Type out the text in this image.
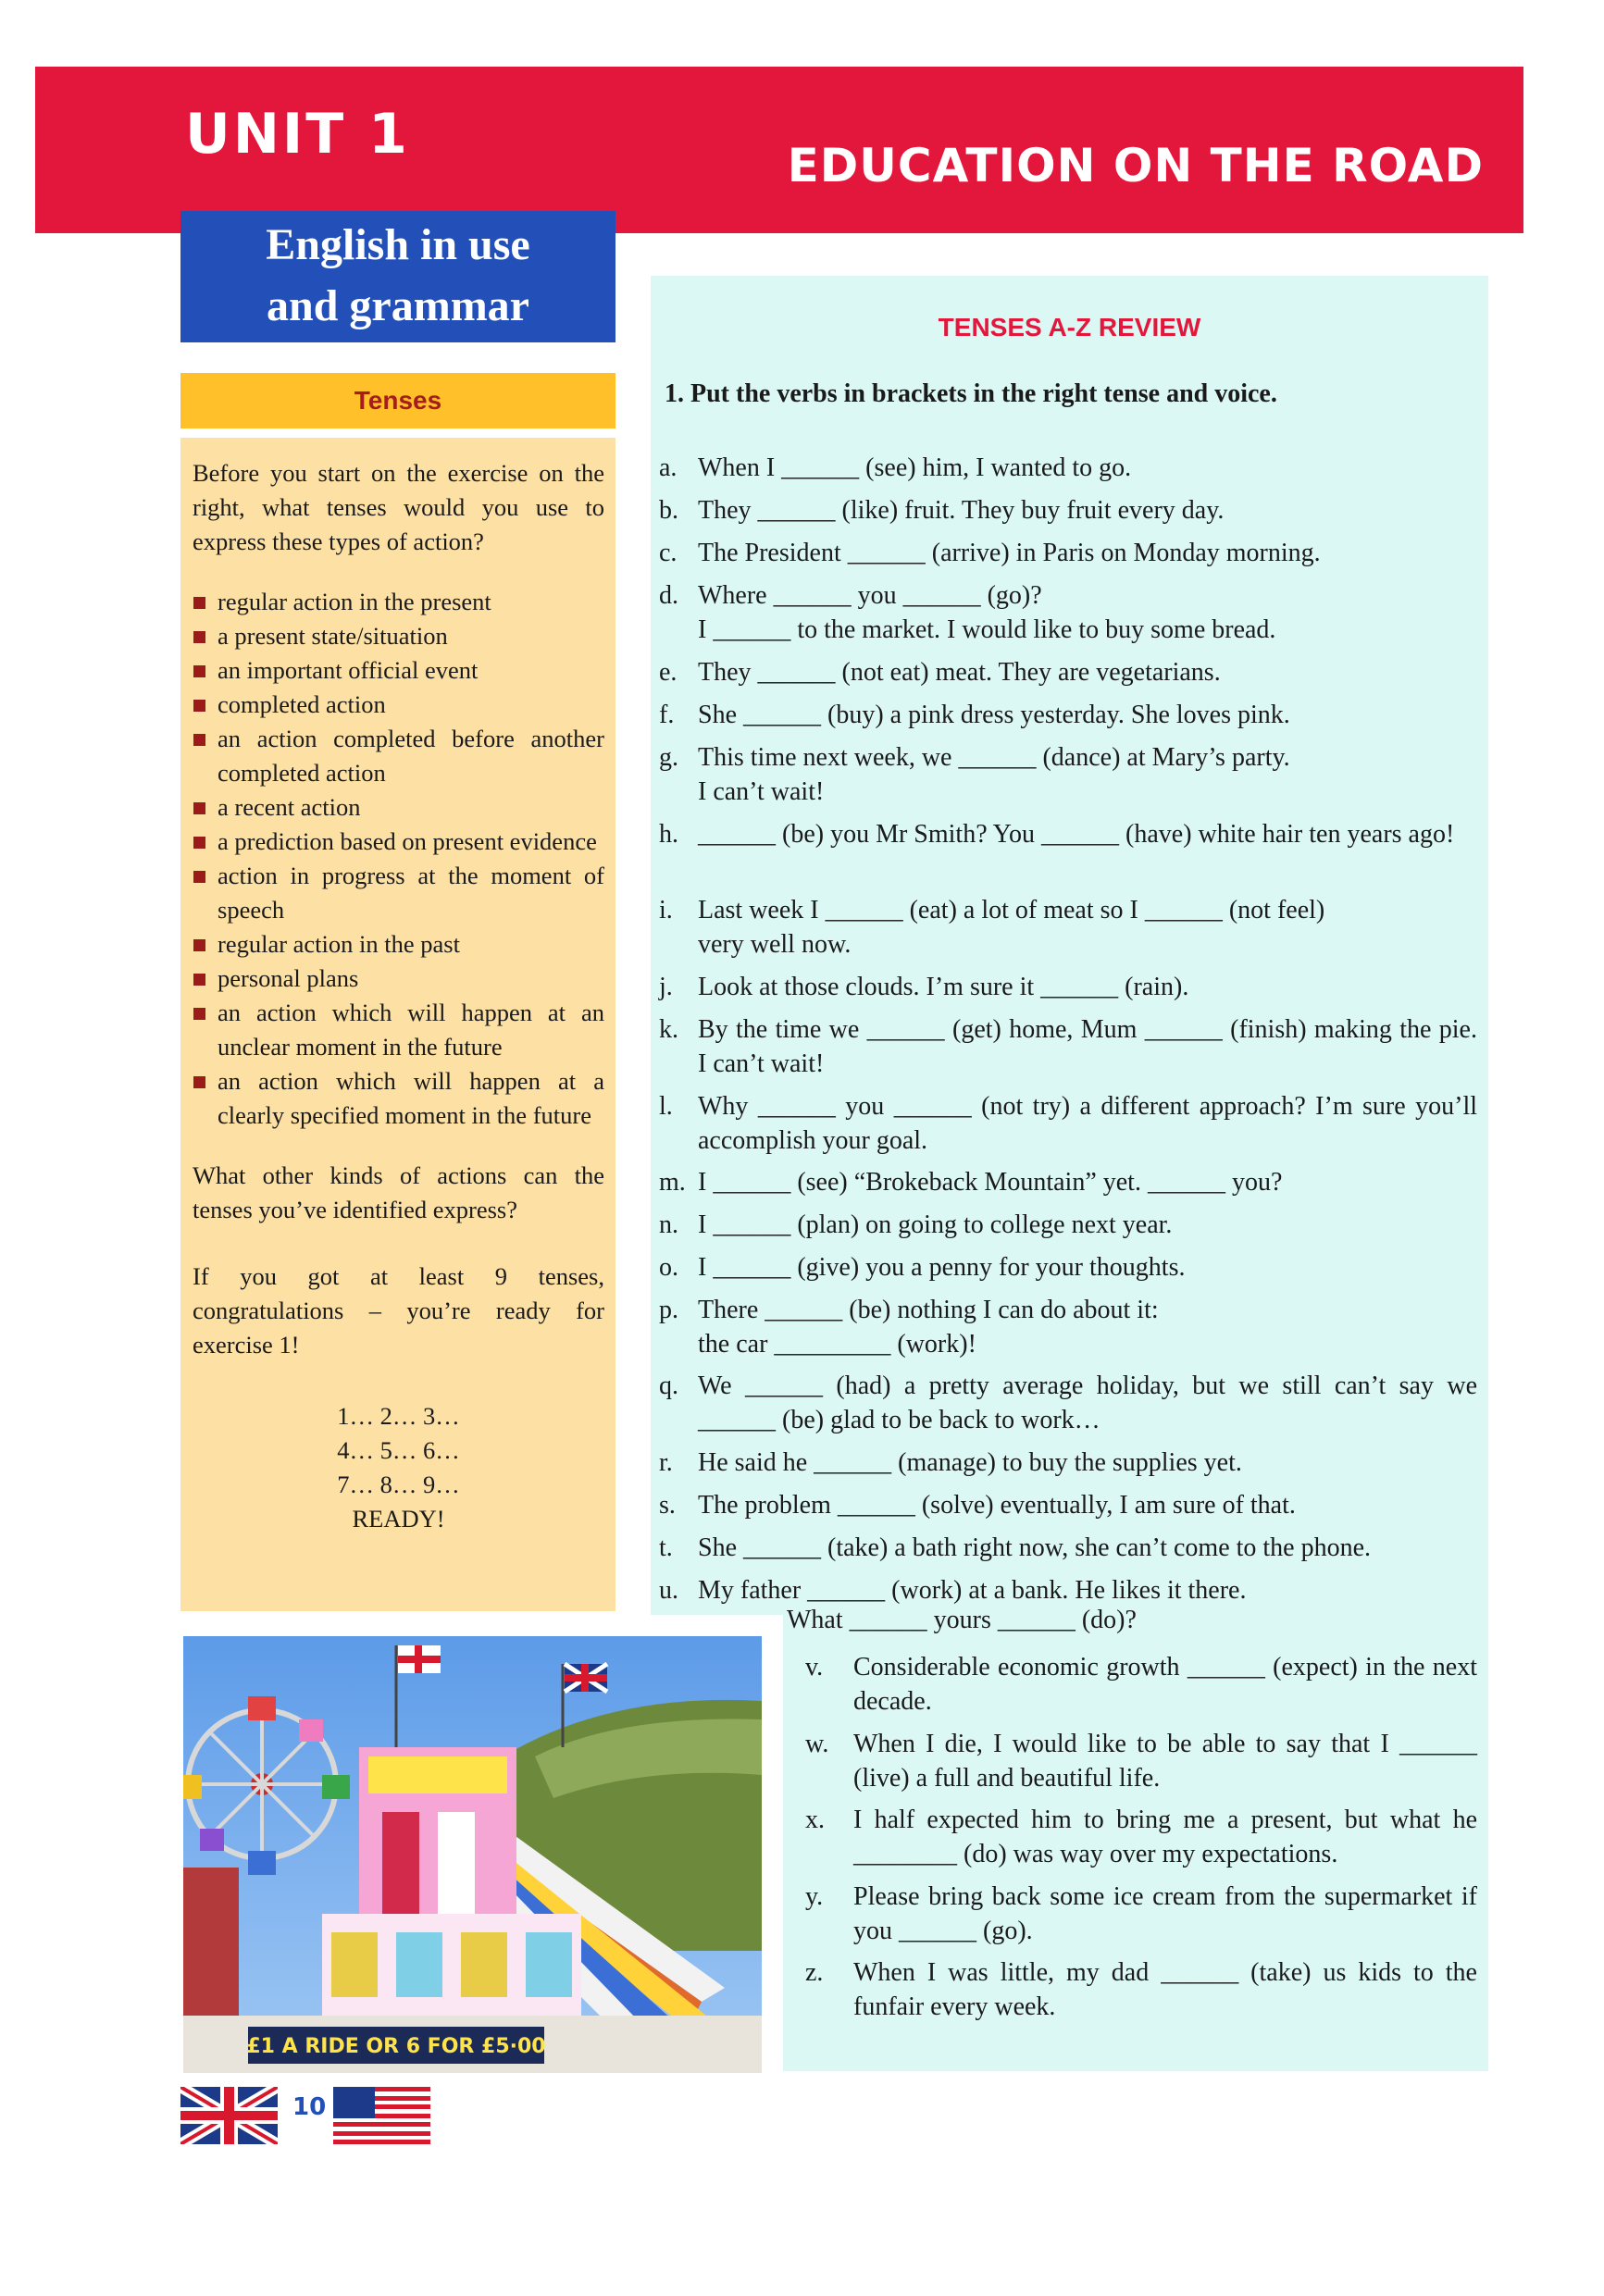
UNIT 1	EDUCATION ON THE ROAD
English in use
and grammar
Tenses

Before you start on the exercise on the right, what tenses would you use to express these types of action?

regular action in the present
a present state/situation
an important official event
completed action
an action completed before another completed action
a recent action
a prediction based on present evidence
action in progress at the moment of speech
regular action in the past
personal plans
an action which will happen at an unclear moment in the future
an action which will happen at a clearly specified moment in the future

What other kinds of actions can the tenses you’ve identified express?

If you got at least 9 tenses, congratulations – you’re ready for exercise 1!

1… 2… 3…
4… 5… 6…
7… 8… 9…
READY!
TENSES A-Z REVIEW
1. Put the verbs in brackets in the right tense and voice.
a. When I ______ (see) him, I wanted to go.
b. They ______ (like) fruit. They buy fruit every day.
c. The President ______ (arrive) in Paris on Monday morning.
d. Where ______ you ______ (go)?
I ______ to the market. I would like to buy some bread.
e. They ______ (not eat) meat. They are vegetarians.
f. She ______ (buy) a pink dress yesterday. She loves pink.
g. This time next week, we ______ (dance) at Mary’s party.
I can’t wait!
h. ______ (be) you Mr Smith? You ______ (have) white hair ten years ago!
i. Last week I ______ (eat) a lot of meat so I ______ (not feel)
very well now.
j. Look at those clouds. I’m sure it ______ (rain).
k. By the time we ______ (get) home, Mum ______ (finish) making the pie. I can’t wait!
l. Why ______ you ______ (not try) a different approach? I’m sure you’ll accomplish your goal.
m. I ______ (see) “Brokeback Mountain” yet. ______ you?
n. I ______ (plan) on going to college next year.
o. I ______ (give) you a penny for your thoughts.
p. There ______ (be) nothing I can do about it:
the car _________ (work)!
q. We ______ (had) a pretty average holiday, but we still can’t say we ______ (be) glad to be back to work…
r. He said he ______ (manage) to buy the supplies yet.
s. The problem ______ (solve) eventually, I am sure of that.
t. She ______ (take) a bath right now, she can’t come to the phone.
u. My father ______ (work) at a bank. He likes it there.
What ______ yours ______ (do)?
v. Considerable economic growth ______ (expect) in the next decade.
w. When I die, I would like to be able to say that I ______ (live) a full and beautiful life.
x. I half expected him to bring me a present, but what he ________ (do) was way over my expectations.
y. Please bring back some ice cream from the supermarket if you ______ (go).
z. When I was little, my dad ______ (take) us kids to the funfair every week.
£1 A RIDE OR 6 FOR £5·00
10
